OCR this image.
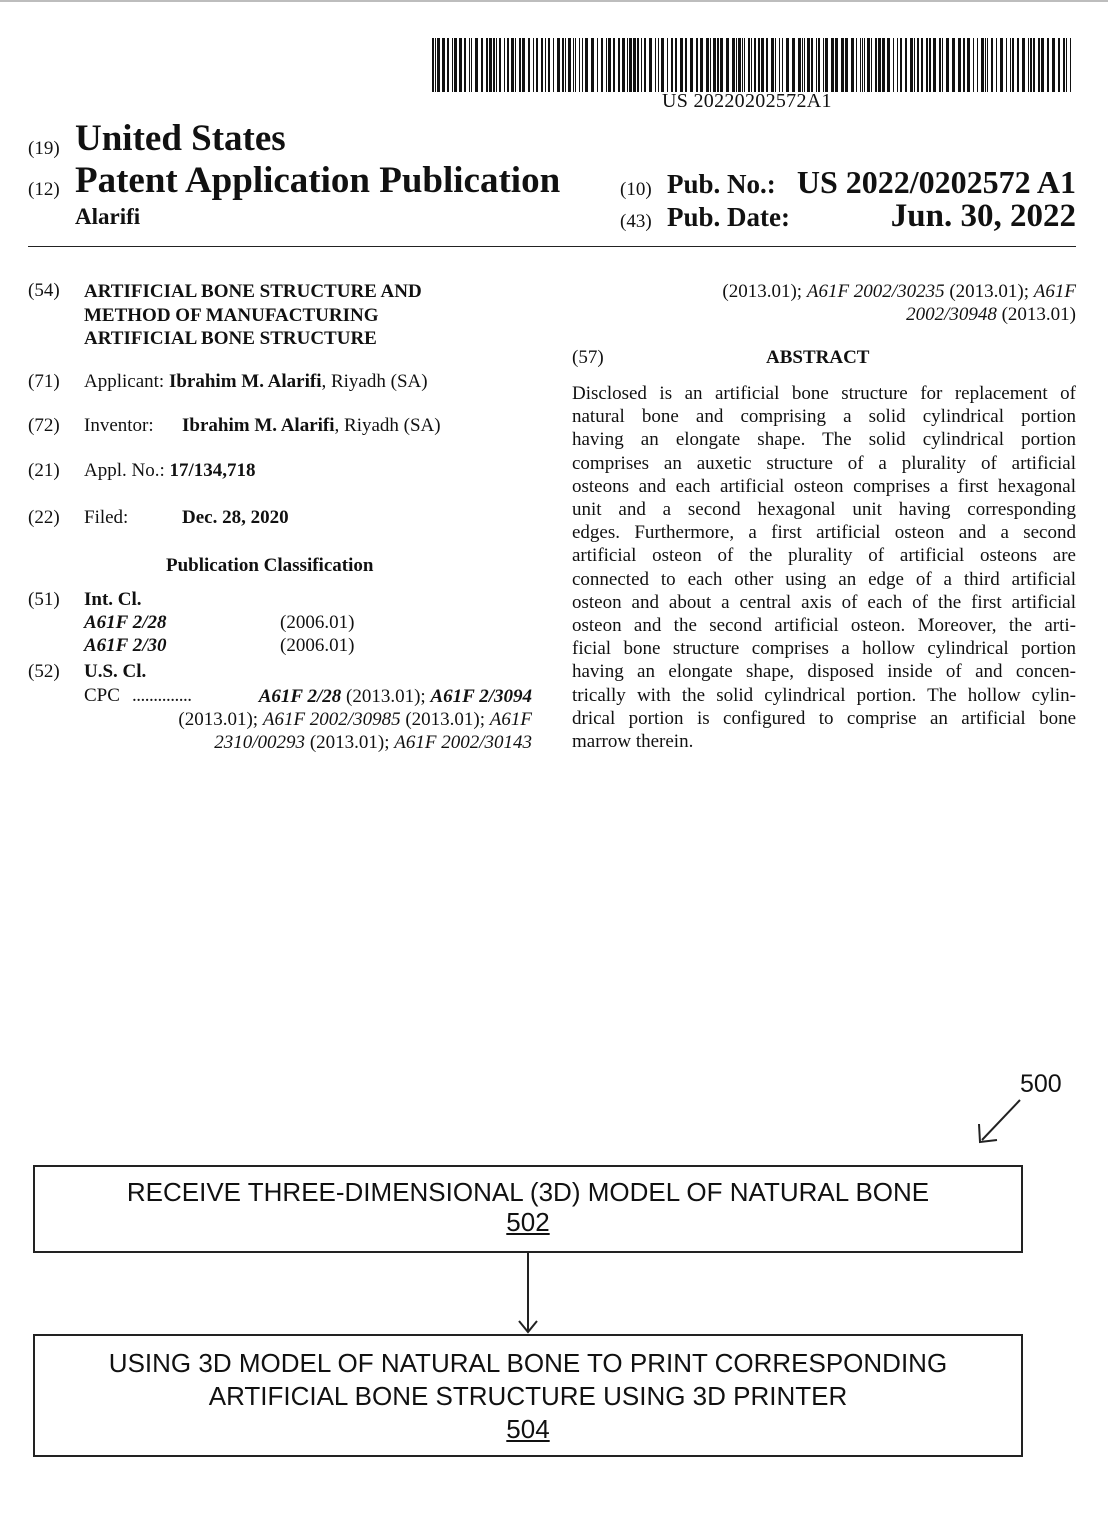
US 20220202572A1
(19) United States
(12) Patent Application Publication
Alarifi
(10) Pub. No.: US 2022/0202572 A1
(43) Pub. Date:	Jun. 30, 2022
(54) ARTIFICIAL BONE STRUCTURE AND
METHOD OF MANUFACTURING
ARTIFICIAL BONE STRUCTURE
(71) Applicant: Ibrahim M. Alarifi, Riyadh (SA)
(72) Inventor: Ibrahim M. Alarifi, Riyadh (SA)
(21) Appl. No.: 17/134,718
(22) Filed:	Dec. 28, 2020
Publication Classification
(51) Int. Cl.
A61F 2/28	(2006.01)
A61F 2/30	(2006.01)
(52) U.S. Cl.
CPC ..............	A61F 2/28 (2013.01); A61F 2/3094
(2013.01); A61F 2002/30985 (2013.01); A61F
2310/00293 (2013.01); A61F 2002/30143
(2013.01); A61F 2002/30235 (2013.01); A61F
2002/30948 (2013.01)
(57)	ABSTRACT
Disclosed is an artificial bone structure for replacement of
natural bone and comprising a solid cylindrical portion
having an elongate shape. The solid cylindrical portion
comprises an auxetic structure of a plurality of artificial
osteons and each artificial osteon comprises a first hexagonal
unit and a second hexagonal unit having corresponding
edges. Furthermore, a first artificial osteon and a second
artificial osteon of the plurality of artificial osteons are
connected to each other using an edge of a third artificial
osteon and about a central axis of each of the first artificial
osteon and the second artificial osteon. Moreover, the arti-
ficial bone structure comprises a hollow cylindrical portion
having an elongate shape, disposed inside of and concen-
trically with the solid cylindrical portion. The hollow cylin-
drical portion is configured to comprise an artificial bone
marrow therein.
500
RECEIVE THREE-DIMENSIONAL (3D) MODEL OF NATURAL BONE
502
USING 3D MODEL OF NATURAL BONE TO PRINT CORRESPONDING
ARTIFICIAL BONE STRUCTURE USING 3D PRINTER
504
